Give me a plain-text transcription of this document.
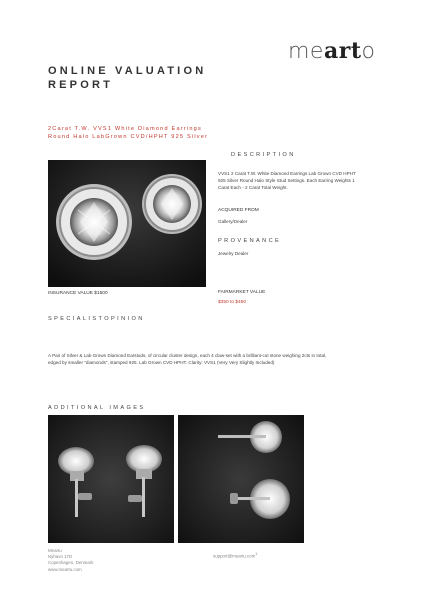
mearto
ONLINE VALUATION
REPORT
2Carat T.W. VVS1 White Diamond Earrings
Round Halo LabGrown CVD/HPHT 925 Silver
INSURANCE VALUE $1500
DESCRIPTION
VVS1 2 Carat T.W. White Diamond Earrings Lab Grown CVD HPHT
925 Silver Round Halo Style Stud Settings. Each Earring Weights 1
Carat Each - 2 Carat Total Weight.
ACQUIRED FROM
Gallery/Dealer
PROVENANCE
Jewelry Dealer
FAIRMARKET VALUE
$350 to $450
SPECIALISTOPINION
A Pair of Silver & Lab Grown Diamond Earstuds, of circular cluster design, each 4 claw-set with a brilliant-cut stone weighing 2cts in total,
edged by smaller "diamonds", stamped 925. Lab Grown CVD HPHT. Clarity: VVS1 (Very Very Slightly Included)
ADDITIONAL IMAGES
Meartu
Nyhavn 17D
Copenhagen, Denmark
www.meartu.com
support@meartu.com$^1$
